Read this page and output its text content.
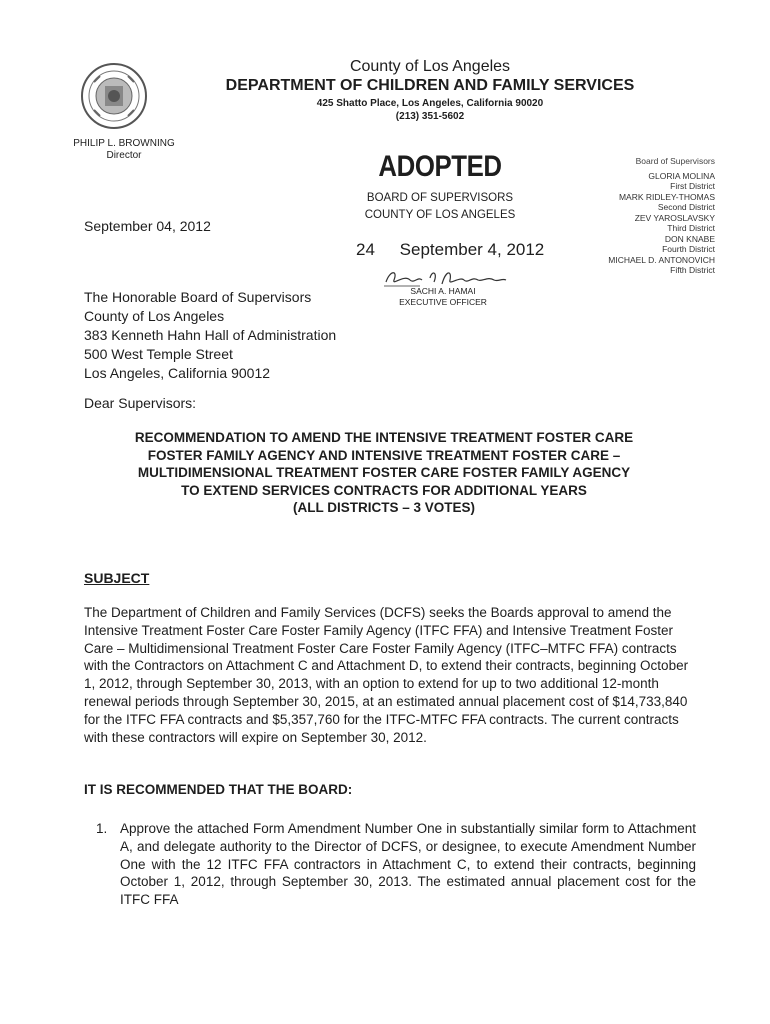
County of Los Angeles
DEPARTMENT OF CHILDREN AND FAMILY SERVICES
425 Shatto Place, Los Angeles, California 90020
(213) 351-5602
PHILIP L. BROWNING
Director	ADOPTED
BOARD OF SUPERVISORS
COUNTY OF LOS ANGELES
24 September 4, 2012
SACHI A. HAMAI
EXECUTIVE OFFICER
Board of Supervisors
GLORIA MOLINA
First District
MARK RIDLEY-THOMAS
Second District
ZEV YAROSLAVSKY
Third District
DON KNABE
Fourth District
MICHAEL D. ANTONOVICH
Fifth District
September 04, 2012
The Honorable Board of Supervisors
County of Los Angeles
383 Kenneth Hahn Hall of Administration
500 West Temple Street
Los Angeles, California 90012
Dear Supervisors:
RECOMMENDATION TO AMEND THE INTENSIVE TREATMENT FOSTER CARE
FOSTER FAMILY AGENCY AND INTENSIVE TREATMENT FOSTER CARE –
MULTIDIMENSIONAL TREATMENT FOSTER CARE FOSTER FAMILY AGENCY
TO EXTEND SERVICES CONTRACTS FOR ADDITIONAL YEARS
(ALL DISTRICTS – 3 VOTES)
SUBJECT
The Department of Children and Family Services (DCFS) seeks the Boards approval to amend the Intensive Treatment Foster Care Foster Family Agency (ITFC FFA) and Intensive Treatment Foster Care – Multidimensional Treatment Foster Care Foster Family Agency (ITFC–MTFC FFA) contracts with the Contractors on Attachment C and Attachment D, to extend their contracts, beginning October 1, 2012, through September 30, 2013, with an option to extend for up to two additional 12-month renewal periods through September 30, 2015, at an estimated annual placement cost of $14,733,840 for the ITFC FFA contracts and $5,357,760 for the ITFC-MTFC FFA contracts. The current contracts with these contractors will expire on September 30, 2012.
IT IS RECOMMENDED THAT THE BOARD:
1. Approve the attached Form Amendment Number One in substantially similar form to Attachment A, and delegate authority to the Director of DCFS, or designee, to execute Amendment Number One with the 12 ITFC FFA contractors in Attachment C, to extend their contracts, beginning October 1, 2012, through September 30, 2013. The estimated annual placement cost for the ITFC FFA
